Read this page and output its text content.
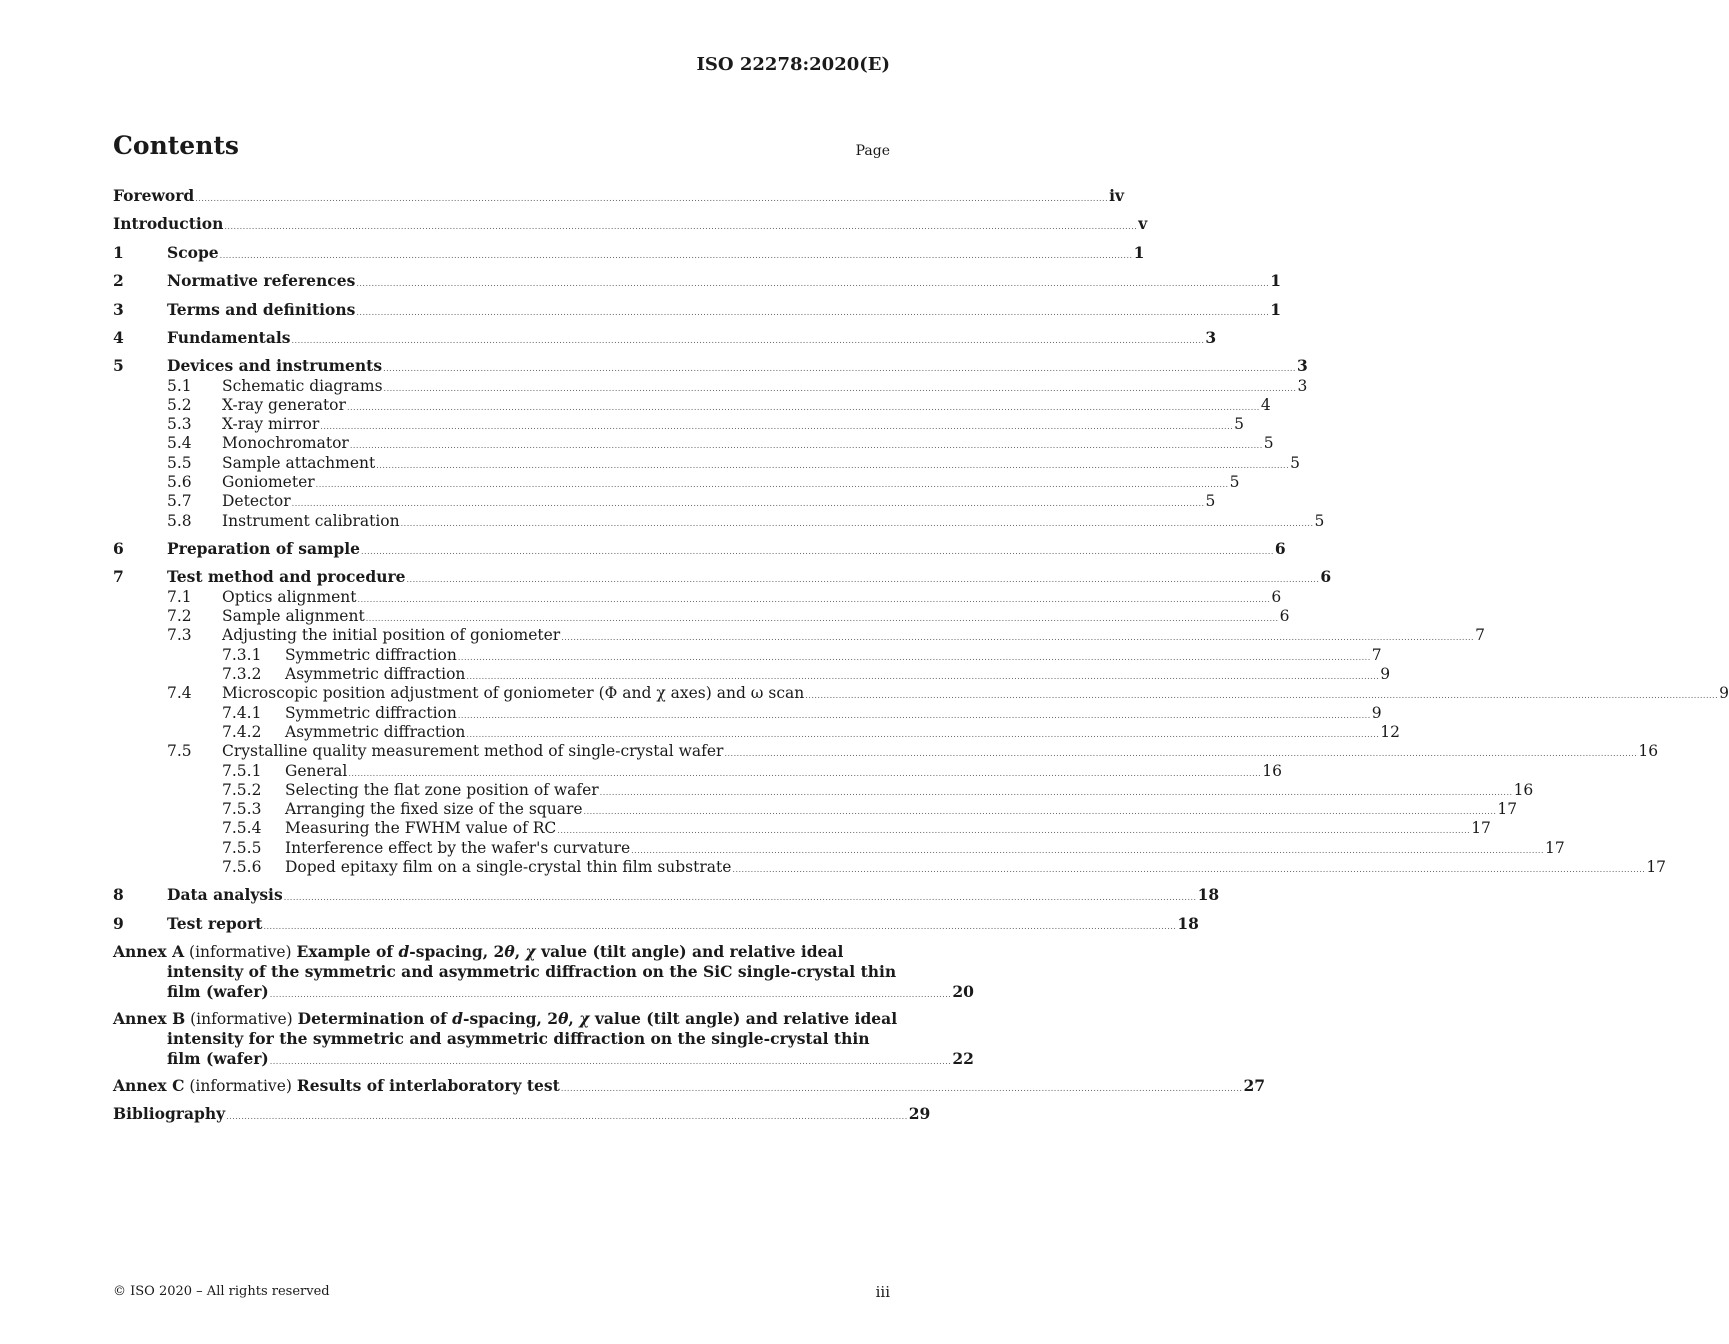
ISO 22278:2020(E)
Contents	Page
Foreword ............................................................................................................................................................................................................................................................................................................ iv
Introduction ............................................................................................................................................................................................................................................................................................................ v
1	Scope ............................................................................................................................................................................................................................................................................................................ 1
2	Normative references ............................................................................................................................................................................................................................................................................................................ 1
3	Terms and definitions ............................................................................................................................................................................................................................................................................................................ 1
4	Fundamentals ............................................................................................................................................................................................................................................................................................................ 3
5	Devices and instruments ............................................................................................................................................................................................................................................................................................................ 3
5.1 Schematic diagrams ............................................................................................................................................................................................................................................................................................................ 3
5.2 X-ray generator ............................................................................................................................................................................................................................................................................................................ 4
5.3 X-ray mirror ............................................................................................................................................................................................................................................................................................................ 5
5.4 Monochromator ............................................................................................................................................................................................................................................................................................................ 5
5.5 Sample attachment ............................................................................................................................................................................................................................................................................................................ 5
5.6 Goniometer ............................................................................................................................................................................................................................................................................................................ 5
5.7 Detector ............................................................................................................................................................................................................................................................................................................ 5
5.8 Instrument calibration ............................................................................................................................................................................................................................................................................................................ 5
6	Preparation of sample ............................................................................................................................................................................................................................................................................................................ 6
7	Test method and procedure ............................................................................................................................................................................................................................................................................................................ 6
7.1 Optics alignment ............................................................................................................................................................................................................................................................................................................ 6
7.2 Sample alignment ............................................................................................................................................................................................................................................................................................................ 6
7.3 Adjusting the initial position of goniometer ............................................................................................................................................................................................................................................................................................................ 7
7.3.1 Symmetric diffraction ............................................................................................................................................................................................................................................................................................................ 7
7.3.2 Asymmetric diffraction ............................................................................................................................................................................................................................................................................................................ 9
7.4 Microscopic position adjustment of goniometer (Φ and χ axes) and ω scan ............................................................................................................................................................................................................................................................................................................ 9
7.4.1 Symmetric diffraction ............................................................................................................................................................................................................................................................................................................ 9
7.4.2 Asymmetric diffraction ............................................................................................................................................................................................................................................................................................................ 12
7.5 Crystalline quality measurement method of single-crystal wafer ............................................................................................................................................................................................................................................................................................................ 16
7.5.1 General ............................................................................................................................................................................................................................................................................................................ 16
7.5.2 Selecting the flat zone position of wafer ............................................................................................................................................................................................................................................................................................................ 16
7.5.3 Arranging the fixed size of the square ............................................................................................................................................................................................................................................................................................................ 17
7.5.4 Measuring the FWHM value of RC ............................................................................................................................................................................................................................................................................................................ 17
7.5.5 Interference effect by the wafer's curvature ............................................................................................................................................................................................................................................................................................................ 17
7.5.6 Doped epitaxy film on a single-crystal thin film substrate ............................................................................................................................................................................................................................................................................................................ 17
8	Data analysis ............................................................................................................................................................................................................................................................................................................ 18
9	Test report ............................................................................................................................................................................................................................................................................................................ 18
Annex A (informative) Example of d-spacing, 2θ, χ value (tilt angle) and relative ideal
intensity of the symmetric and asymmetric diffraction on the SiC single-crystal thin
film (wafer) ................................................................................................................................................................................................................................ 20
Annex B (informative) Determination of d-spacing, 2θ, χ value (tilt angle) and relative ideal
intensity for the symmetric and asymmetric diffraction on the single-crystal thin
film (wafer) ................................................................................................................................................................................................................................ 22
Annex C
(informative)
Results of interlaboratory test ................................................................................................................................................................................................................................ 27
Bibliography ................................................................................................................................................................................................................................ 29
© ISO 2020 – All rights reserved	iii
